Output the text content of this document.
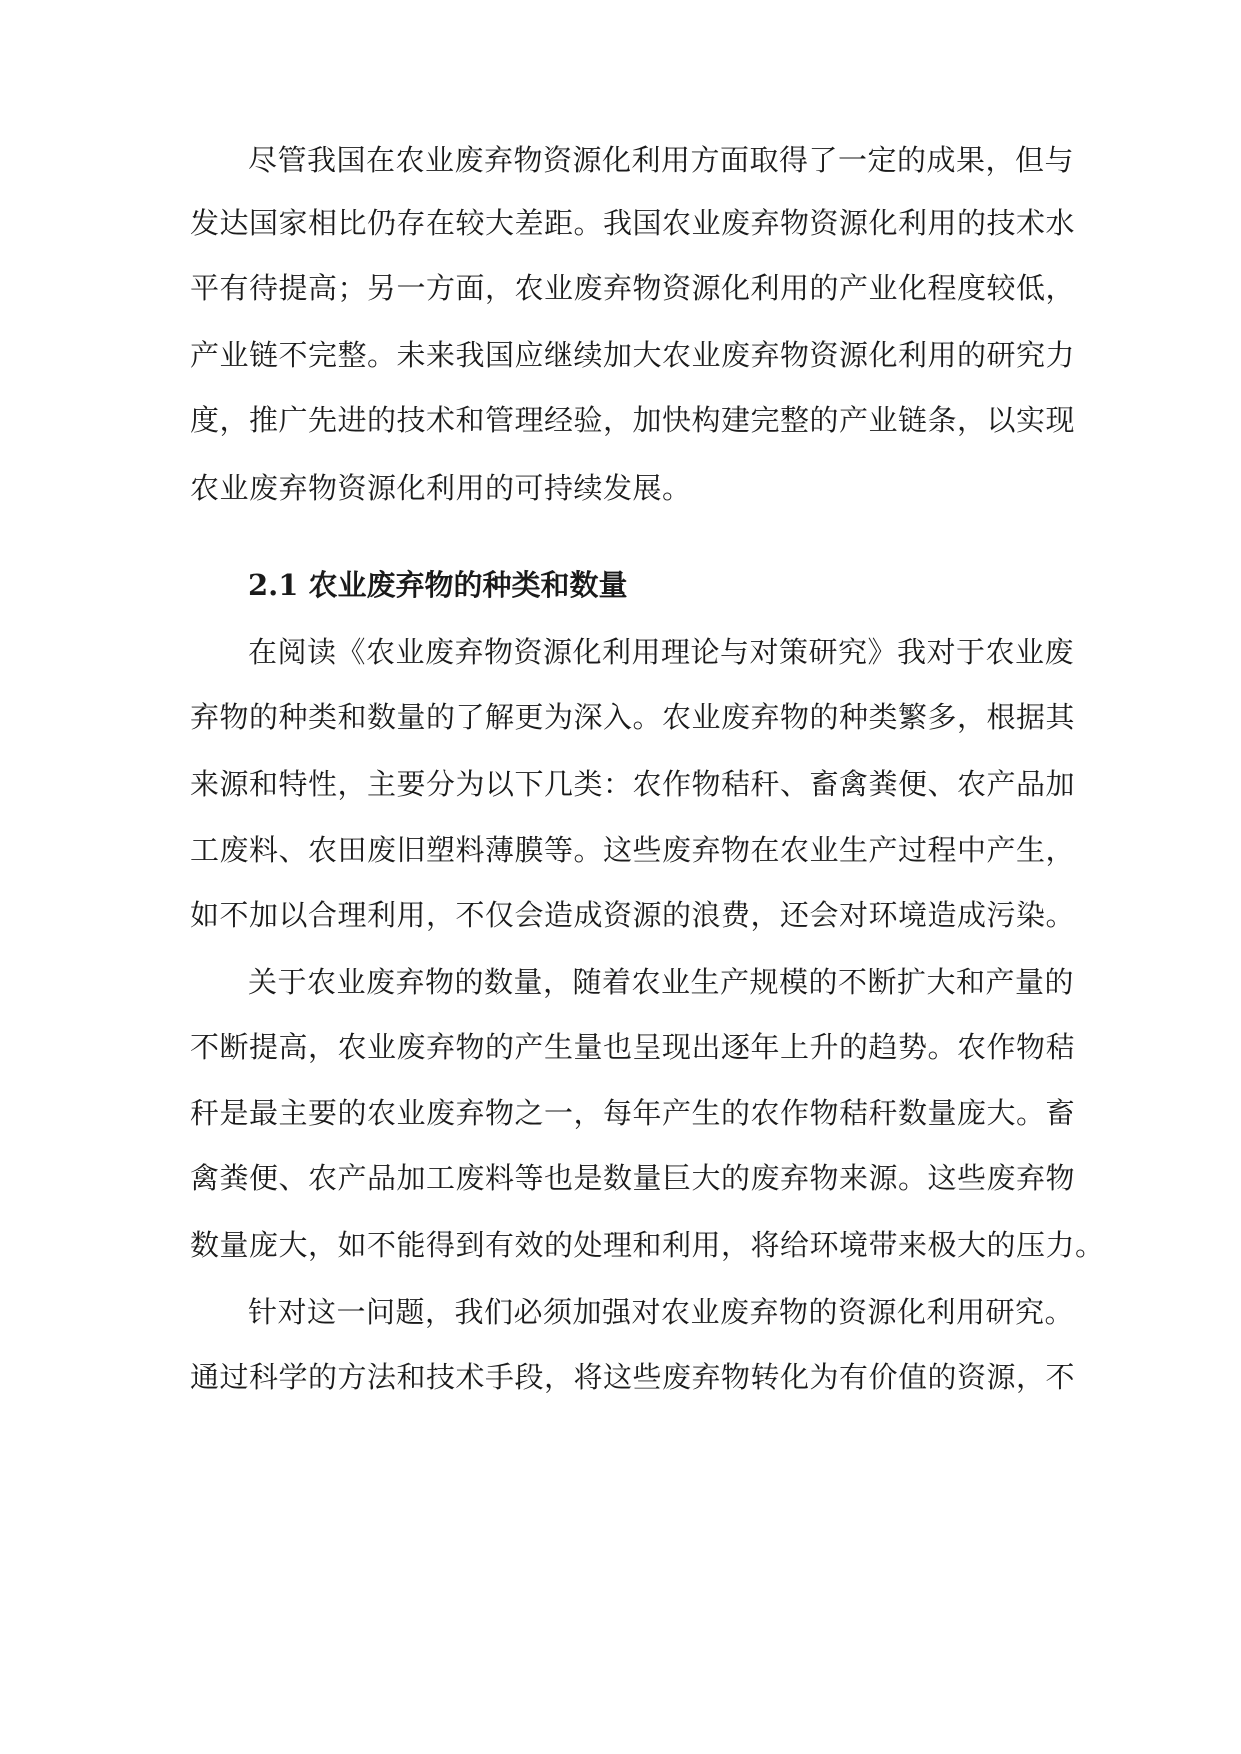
尽管我国在农业废弃物资源化利用方面取得了一定的成果，但与
发达国家相比仍存在较大差距。我国农业废弃物资源化利用的技术水
平有待提高；另一方面，农业废弃物资源化利用的产业化程度较低，
产业链不完整。未来我国应继续加大农业废弃物资源化利用的研究力
度，推广先进的技术和管理经验，加快构建完整的产业链条，以实现
农业废弃物资源化利用的可持续发展。
2.1 农业废弃物的种类和数量
在阅读《农业废弃物资源化利用理论与对策研究》我对于农业废
弃物的种类和数量的了解更为深入。农业废弃物的种类繁多，根据其
来源和特性，主要分为以下几类：农作物秸秆、畜禽粪便、农产品加
工废料、农田废旧塑料薄膜等。这些废弃物在农业生产过程中产生，
如不加以合理利用，不仅会造成资源的浪费，还会对环境造成污染。
关于农业废弃物的数量，随着农业生产规模的不断扩大和产量的
不断提高，农业废弃物的产生量也呈现出逐年上升的趋势。农作物秸
秆是最主要的农业废弃物之一，每年产生的农作物秸秆数量庞大。畜
禽粪便、农产品加工废料等也是数量巨大的废弃物来源。这些废弃物
数量庞大，如不能得到有效的处理和利用，将给环境带来极大的压力。
针对这一问题，我们必须加强对农业废弃物的资源化利用研究。
通过科学的方法和技术手段，将这些废弃物转化为有价值的资源，不
